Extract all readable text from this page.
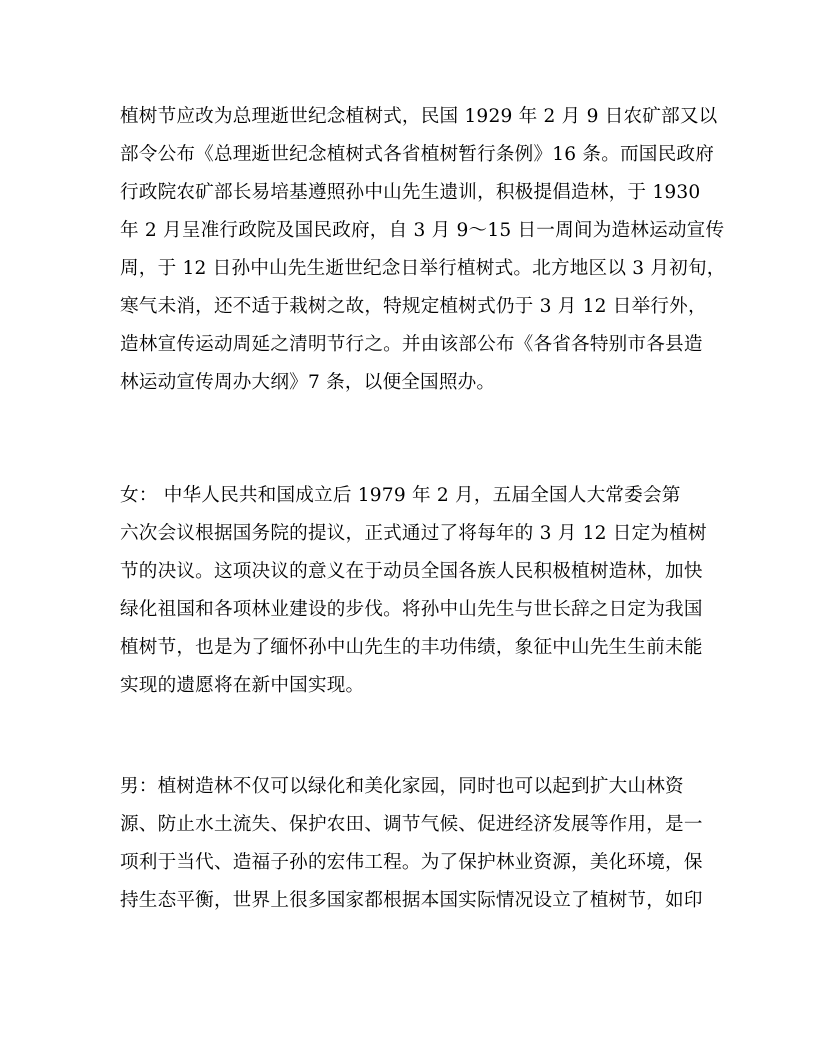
植树节应改为总理逝世纪念植树式，民国 1929 年 2 月 9 日农矿部又以
部令公布《总理逝世纪念植树式各省植树暂行条例》16 条。而国民政府
行政院农矿部长易培基遵照孙中山先生遗训，积极提倡造林，于 1930
年 2 月呈准行政院及国民政府，自 3 月 9～15 日一周间为造林运动宣传
周，于 12 日孙中山先生逝世纪念日举行植树式。北方地区以 3 月初旬，
寒气未消，还不适于栽树之故，特规定植树式仍于 3 月 12 日举行外，
造林宣传运动周延之清明节行之。并由该部公布《各省各特别市各县造
林运动宣传周办大纲》7 条，以便全国照办。
女： 中华人民共和国成立后 1979 年 2 月，五届全国人大常委会第
六次会议根据国务院的提议，正式通过了将每年的 3 月 12 日定为植树
节的决议。这项决议的意义在于动员全国各族人民积极植树造林，加快
绿化祖国和各项林业建设的步伐。将孙中山先生与世长辞之日定为我国
植树节，也是为了缅怀孙中山先生的丰功伟绩，象征中山先生生前未能
实现的遗愿将在新中国实现。
男：植树造林不仅可以绿化和美化家园，同时也可以起到扩大山林资
源、防止水土流失、保护农田、调节气候、促进经济发展等作用，是一
项利于当代、造福子孙的宏伟工程。为了保护林业资源，美化环境，保
持生态平衡，世界上很多国家都根据本国实际情况设立了植树节，如印
